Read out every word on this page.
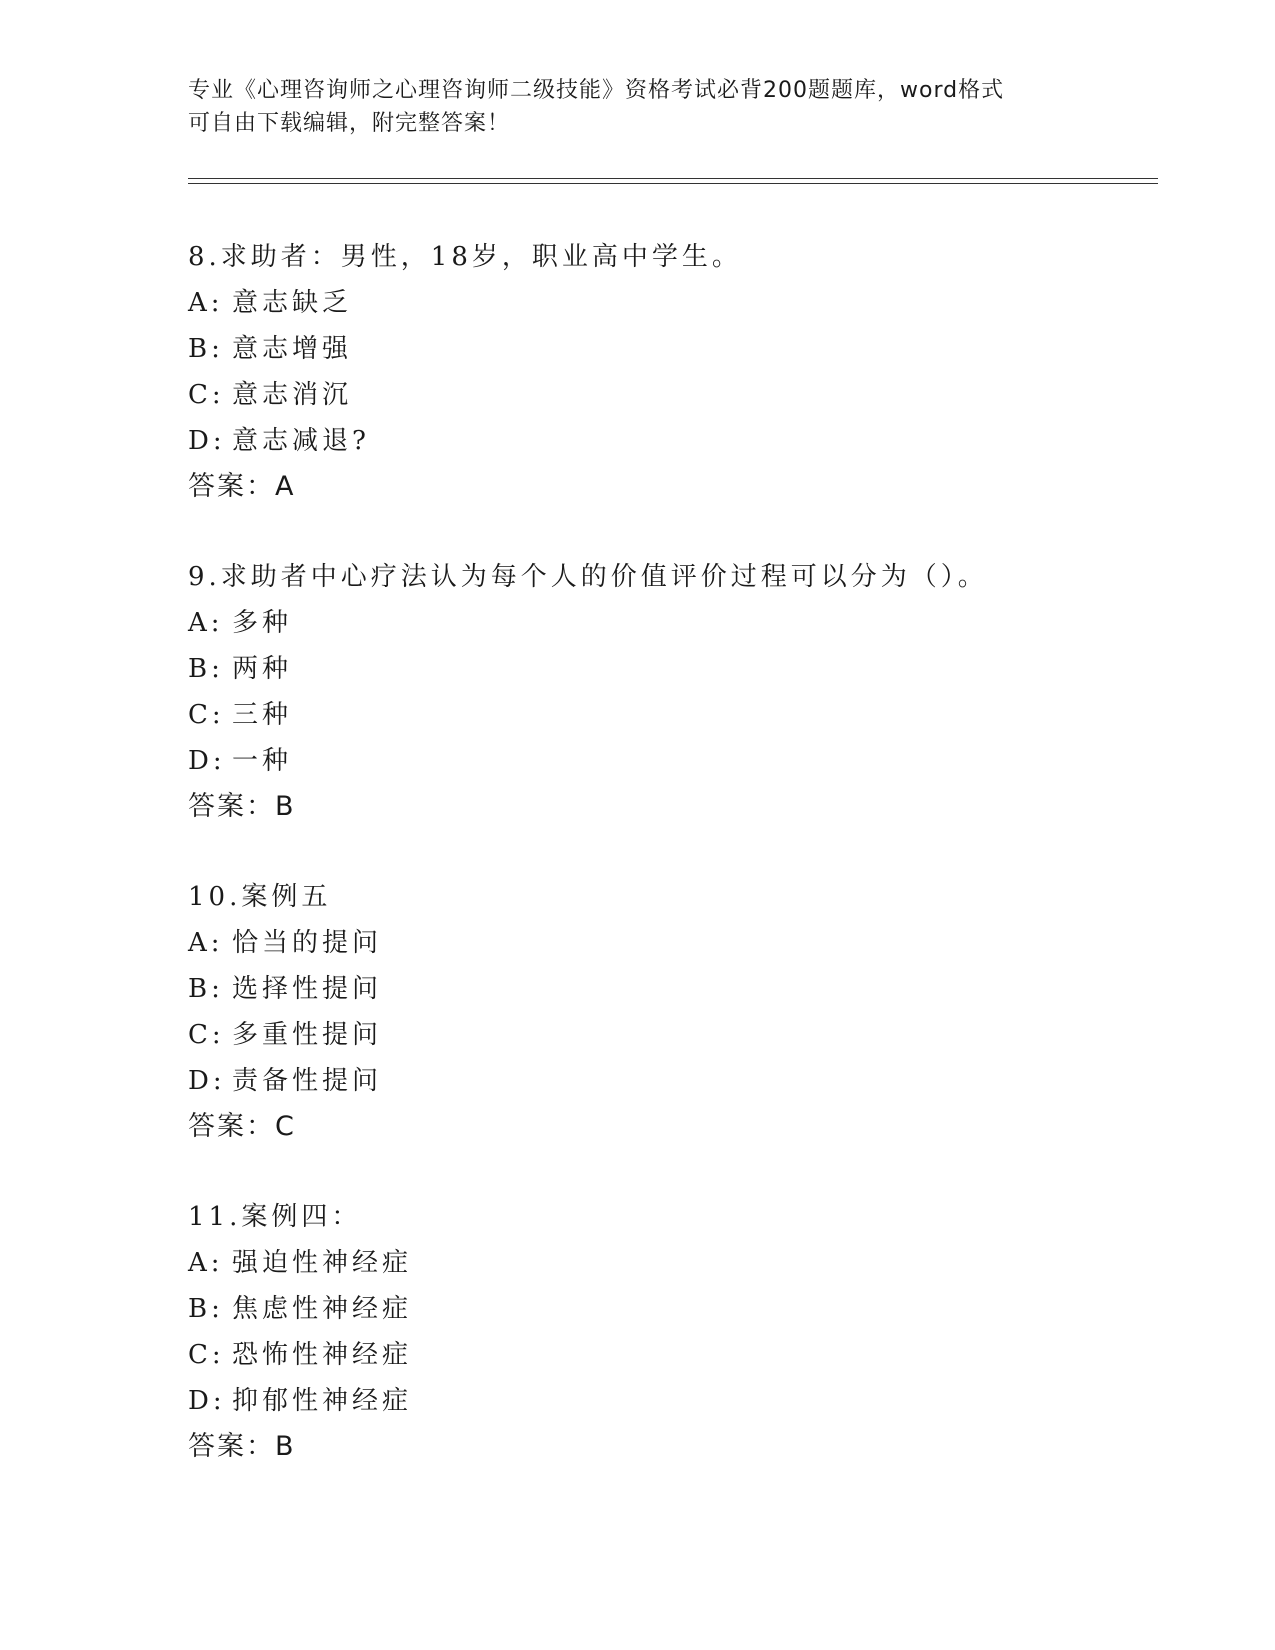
专业《心理咨询师之心理咨询师二级技能》资格考试必背200题题库，word格式
可自由下载编辑，附完整答案！
8.求助者：男性，18岁，职业高中学生。
A: 意志缺乏
B: 意志增强
C: 意志消沉
D: 意志减退?
答案：A
9.求助者中心疗法认为每个人的价值评价过程可以分为（）。
A: 多种
B: 两种
C: 三种
D: 一种
答案：B
10.案例五
A: 恰当的提问
B: 选择性提问
C: 多重性提问
D: 责备性提问
答案：C
11.案例四：
A: 强迫性神经症
B: 焦虑性神经症
C: 恐怖性神经症
D: 抑郁性神经症
答案：B
